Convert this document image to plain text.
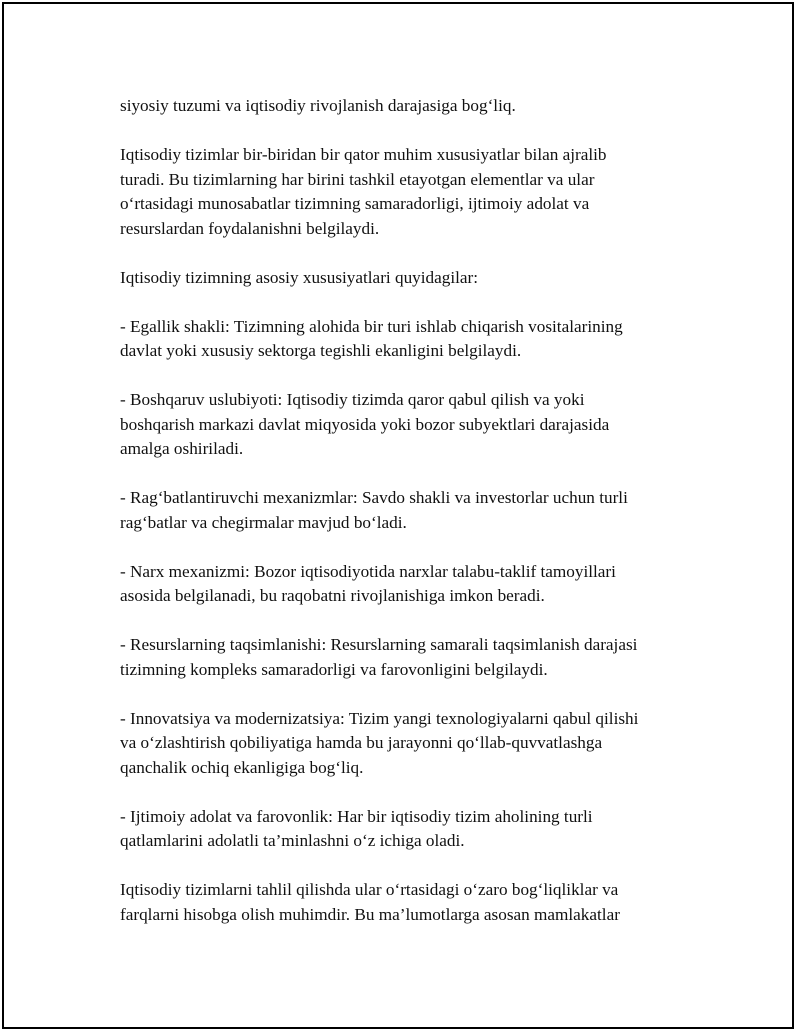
siyosiy tuzumi va iqtisodiy rivojlanish darajasiga bog‘liq.

Iqtisodiy tizimlar bir-biridan bir qator muhim xususiyatlar bilan ajralib
turadi. Bu tizimlarning har birini tashkil etayotgan elementlar va ular
o‘rtasidagi munosabatlar tizimning samaradorligi, ijtimoiy adolat va
resurslardan foydalanishni belgilaydi.

Iqtisodiy tizimning asosiy xususiyatlari quyidagilar:

- Egallik shakli: Tizimning alohida bir turi ishlab chiqarish vositalarining
davlat yoki xususiy sektorga tegishli ekanligini belgilaydi.

- Boshqaruv uslubiyoti: Iqtisodiy tizimda qaror qabul qilish va yoki
boshqarish markazi davlat miqyosida yoki bozor subyektlari darajasida
amalga oshiriladi.

- Rag‘batlantiruvchi mexanizmlar: Savdo shakli va investorlar uchun turli
rag‘batlar va chegirmalar mavjud bo‘ladi.

- Narx mexanizmi: Bozor iqtisodiyotida narxlar talabu-taklif tamoyillari
asosida belgilanadi, bu raqobatni rivojlanishiga imkon beradi.

- Resurslarning taqsimlanishi: Resurslarning samarali taqsimlanish darajasi
tizimning kompleks samaradorligi va farovonligini belgilaydi.

- Innovatsiya va modernizatsiya: Tizim yangi texnologiyalarni qabul qilishi
va o‘zlashtirish qobiliyatiga hamda bu jarayonni qo‘llab-quvvatlashga
qanchalik ochiq ekanligiga bog‘liq.

- Ijtimoiy adolat va farovonlik: Har bir iqtisodiy tizim aholining turli
qatlamlarini adolatli ta’minlashni o‘z ichiga oladi.

Iqtisodiy tizimlarni tahlil qilishda ular o‘rtasidagi o‘zaro bog‘liqliklar va
farqlarni hisobga olish muhimdir. Bu ma’lumotlarga asosan mamlakatlar
